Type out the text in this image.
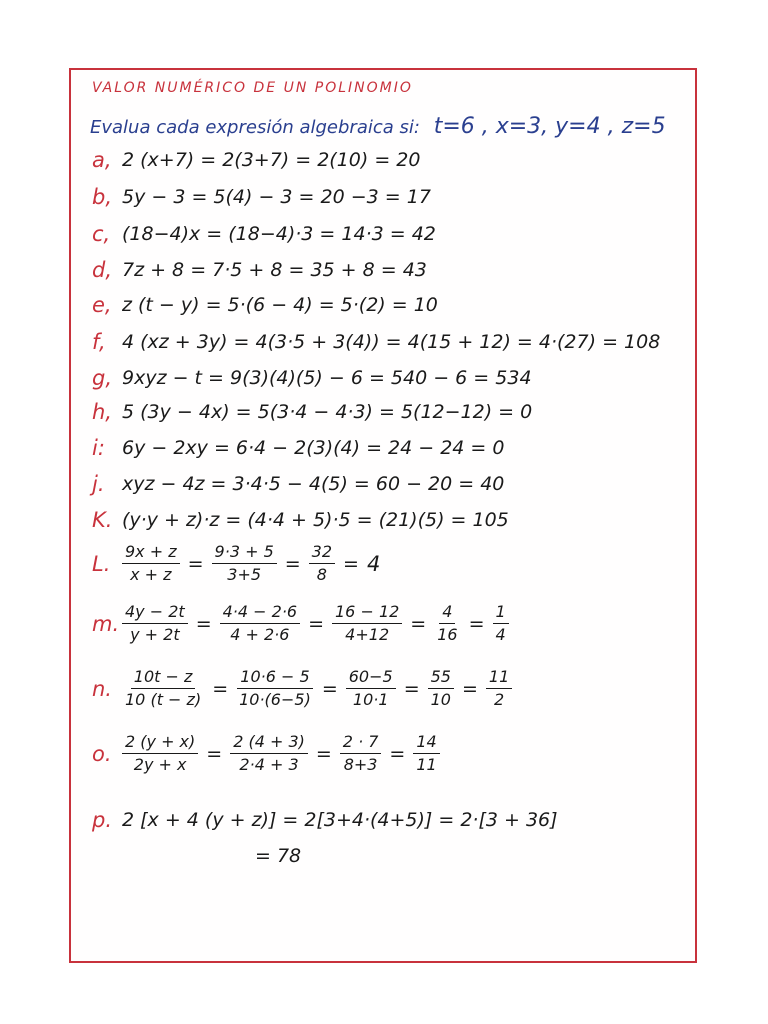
VALOR NUMÉRICO DE UN POLINOMIO
Evalua cada expresión algebraica si: t=6 , x=3, y=4 , z=5
a, 2 (x+7) = 2(3+7) = 2(10) = 20
b, 5y − 3 = 5(4) − 3 = 20 −3 = 17
c, (18−4)x = (18−4)·3 = 14·3 = 42
d, 7z + 8 = 7·5 + 8 = 35 + 8 = 43
e, z (t − y) = 5·(6 − 4) = 5·(2) = 10
f, 4 (xz + 3y) = 4(3·5 + 3(4)) = 4(15 + 12) = 4·(27) = 108
g, 9xyz − t = 9(3)(4)(5) − 6 = 540 − 6 = 534
h, 5 (3y − 4x) = 5(3·4 − 4·3) = 5(12−12) = 0
i: 6y − 2xy = 6·4 − 2(3)(4) = 24 − 24 = 0
j. xyz − 4z = 3·4·5 − 4(5) = 60 − 20 = 40
K. (y·y + z)·z = (4·4 + 5)·5 = (21)(5) = 105
L. $\frac{9x + z}{x + z} = \frac{9\cdot 3 + 5}{3+5} = \frac{32}{8} = 4$
m. $\frac{4y - 2t}{y + 2t} = \frac{4\cdot 4 - 2\cdot 6}{4 + 2\cdot 6} = \frac{16 - 12}{4+12} = \frac{4}{16} = \frac{1}{4}$
n. $\frac{10t - z}{10 (t - z)} = \frac{10\cdot 6 - 5}{10\cdot(6-5)} = \frac{60-5}{10\cdot 1} = \frac{55}{10} = \frac{11}{2}$
o. $\frac{2 (y + x)}{2y + x} = \frac{2 (4 + 3)}{2\cdot 4 + 3} = \frac{2 \cdot 7}{8+3} = \frac{14}{11}$
p. 2 [x + 4 (y + z)] = 2[3+4·(4+5)] = 2·[3 + 36]
= 78
